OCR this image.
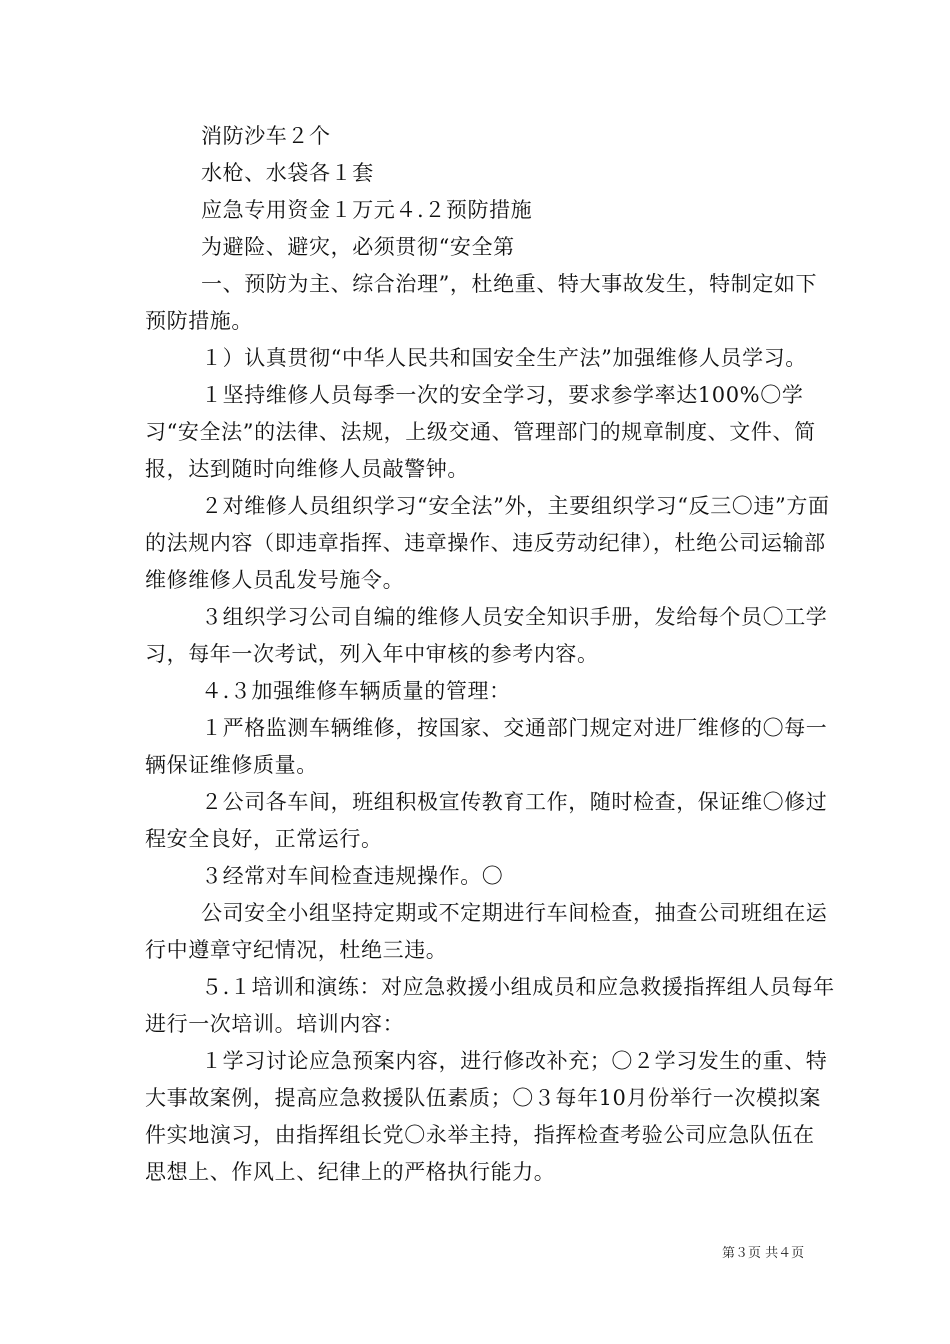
消防沙车２个

水枪、水袋各１套

应急专用资金１万元４.２预防措施

为避险、避灾，必须贯彻“安全第

一、预防为主、综合治理”，杜绝重、特大事故发生，特制定如下预防措施。

１）认真贯彻“中华人民共和国安全生产法”加强维修人员学习。

１坚持维修人员每季一次的安全学习，要求参学率达100%〇学习“安全法”的法律、法规，上级交通、管理部门的规章制度、文件、简报，达到随时向维修人员敲警钟。

２对维修人员组织学习“安全法”外，主要组织学习“反三〇违”方面的法规内容（即违章指挥、违章操作、违反劳动纪律），杜绝公司运输部维修维修人员乱发号施令。

３组织学习公司自编的维修人员安全知识手册，发给每个员〇工学习，每年一次考试，列入年中审核的参考内容。

４.３加强维修车辆质量的管理：

１严格监测车辆维修，按国家、交通部门规定对进厂维修的〇每一辆保证维修质量。

２公司各车间，班组积极宣传教育工作，随时检查，保证维〇修过程安全良好，正常运行。

３经常对车间检查违规操作。〇

公司安全小组坚持定期或不定期进行车间检查，抽查公司班组在运行中遵章守纪情况，杜绝三违。

５.１培训和演练：对应急救援小组成员和应急救援指挥组人员每年进行一次培训。培训内容：

１学习讨论应急预案内容，进行修改补充；〇２学习发生的重、特大事故案例，提高应急救援队伍素质；〇３每年10月份举行一次模拟案件实地演习，由指挥组长党〇永举主持，指挥检查考验公司应急队伍在思想上、作风上、纪律上的严格执行能力。

第３页 共４页
